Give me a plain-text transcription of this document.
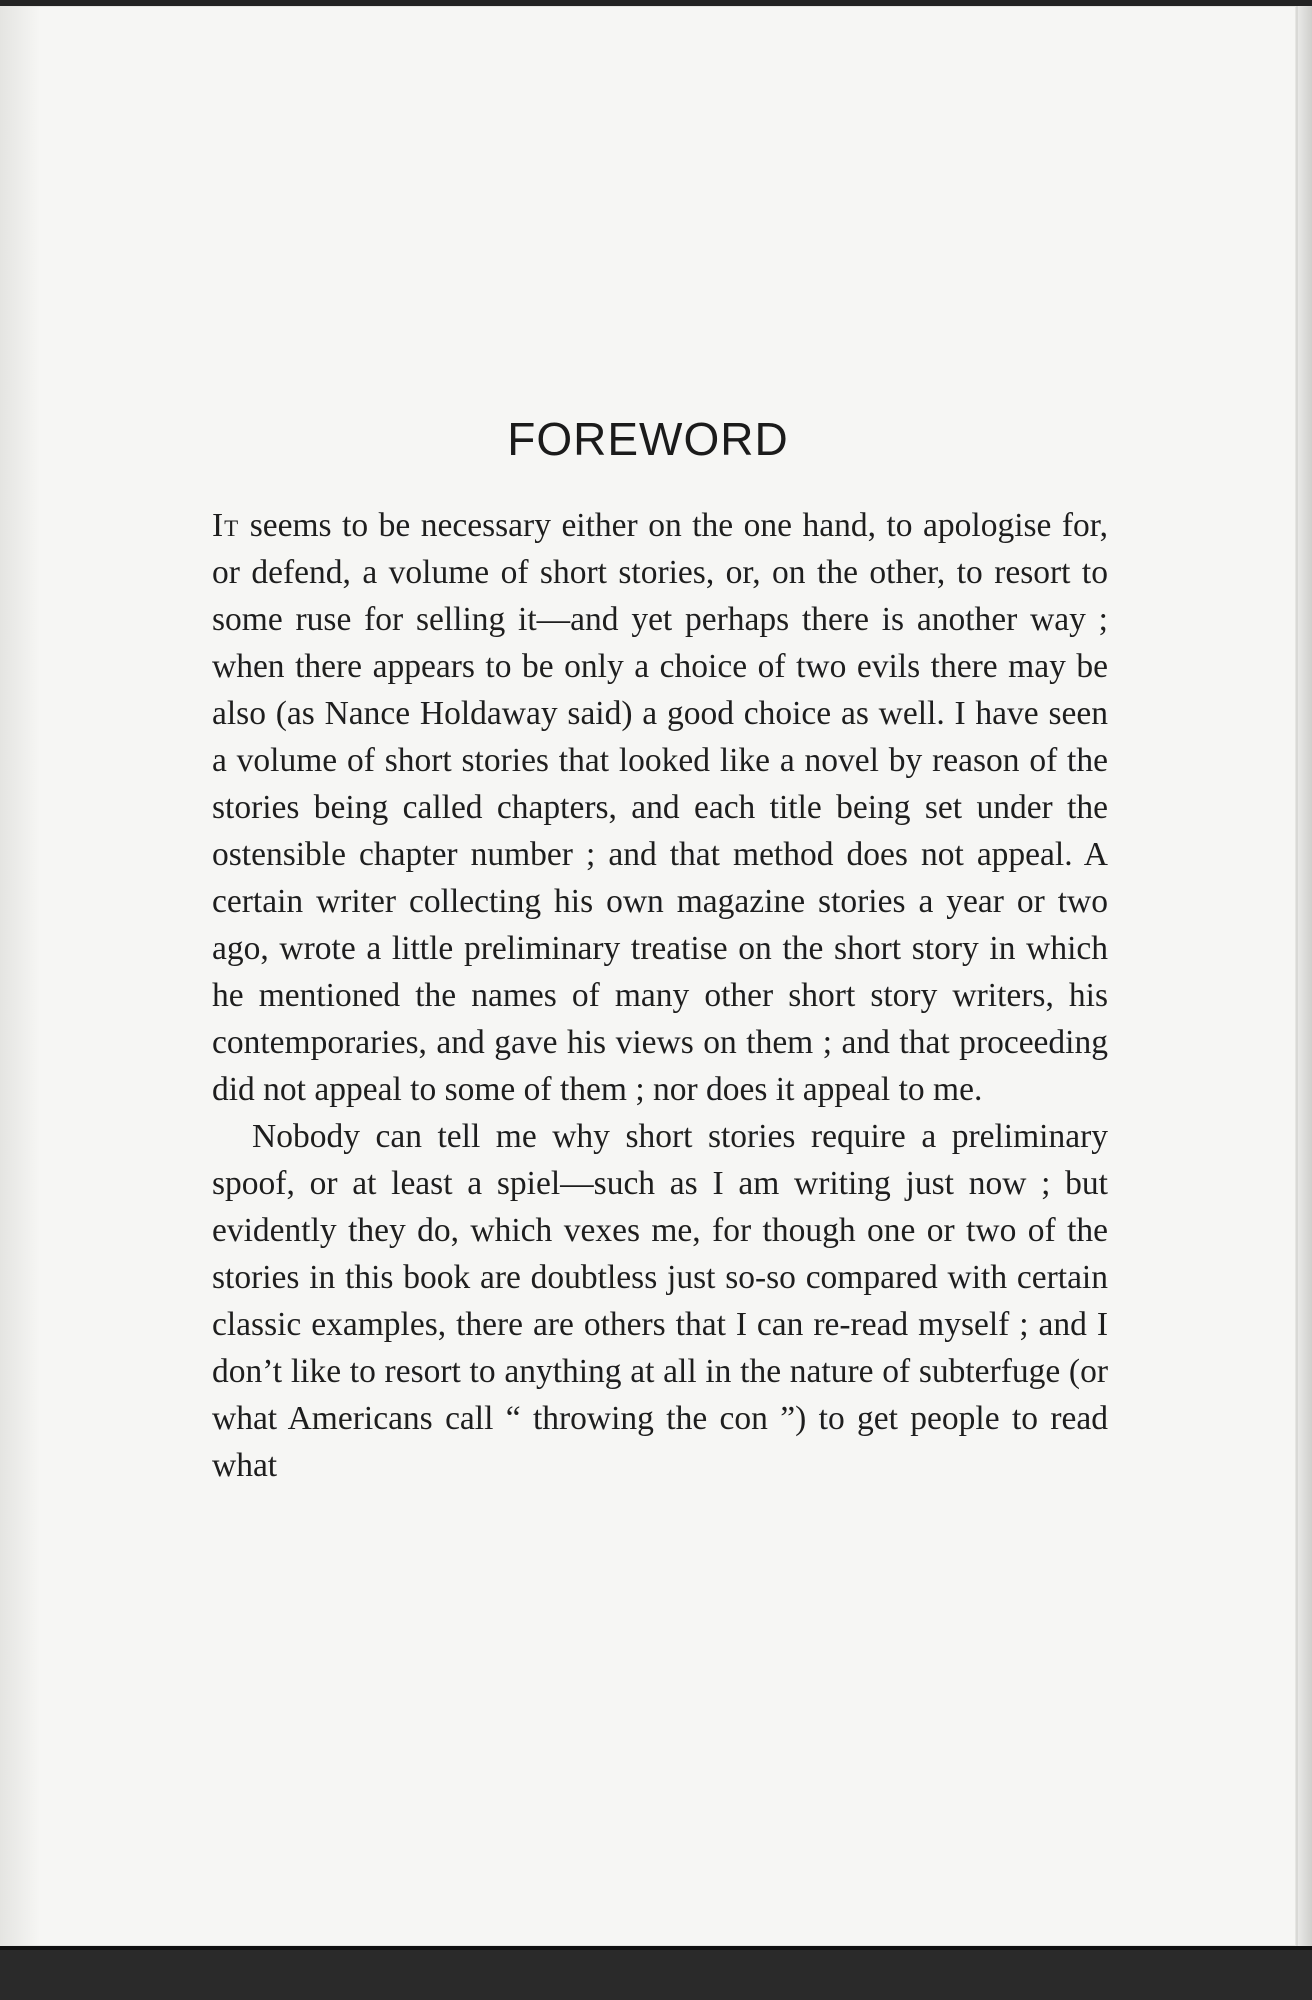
FOREWORD

It seems to be necessary either on the one hand, to apologise for, or defend, a volume of short stories, or, on the other, to resort to some ruse for selling it—and yet perhaps there is another way ; when there appears to be only a choice of two evils there may be also (as Nance Holdaway said) a good choice as well. I have seen a volume of short stories that looked like a novel by reason of the stories being called chapters, and each title being set under the ostensible chapter number ; and that method does not appeal. A certain writer collecting his own magazine stories a year or two ago, wrote a little preliminary treatise on the short story in which he mentioned the names of many other short story writers, his contemporaries, and gave his views on them ; and that proceeding did not appeal to some of them ; nor does it appeal to me.

Nobody can tell me why short stories require a preliminary spoof, or at least a spiel—such as I am writing just now ; but evidently they do, which vexes me, for though one or two of the stories in this book are doubtless just so-so compared with certain classic examples, there are others that I can re-read myself ; and I don’t like to resort to anything at all in the nature of subterfuge (or what Americans call “ throwing the con ”) to get people to read what
